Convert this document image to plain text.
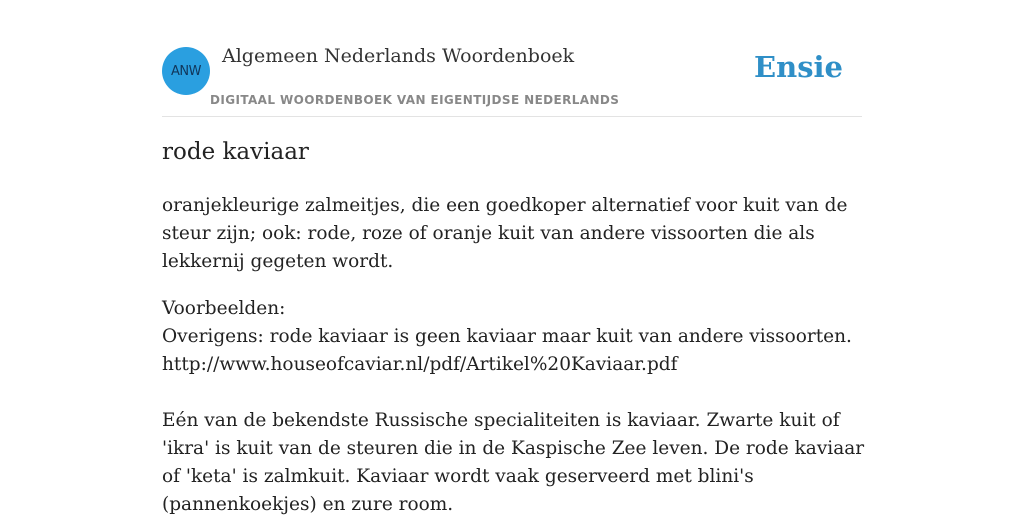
ANW
Algemeen Nederlands Woordenboek
DIGITAAL WOORDENBOEK VAN EIGENTIJDSE NEDERLANDS
Ensie
rode kaviaar

oranjekleurige zalmeitjes, die een goedkoper alternatief voor kuit van de steur zijn; ook: rode, roze of oranje kuit van andere vissoorten die als lekkernij gegeten wordt.

Voorbeelden:

Overigens: rode kaviaar is geen kaviaar maar kuit van andere vissoorten.

http://www.houseofcaviar.nl/pdf/Artikel%20Kaviaar.pdf

Eén van de bekendste Russische specialiteiten is kaviaar. Zwarte kuit of 'ikra' is kuit van de steuren die in de Kaspische Zee leven. De rode kaviaar of 'keta' is zalmkuit. Kaviaar wordt vaak geserveerd met blini's (pannenkoekjes) en zure room.
